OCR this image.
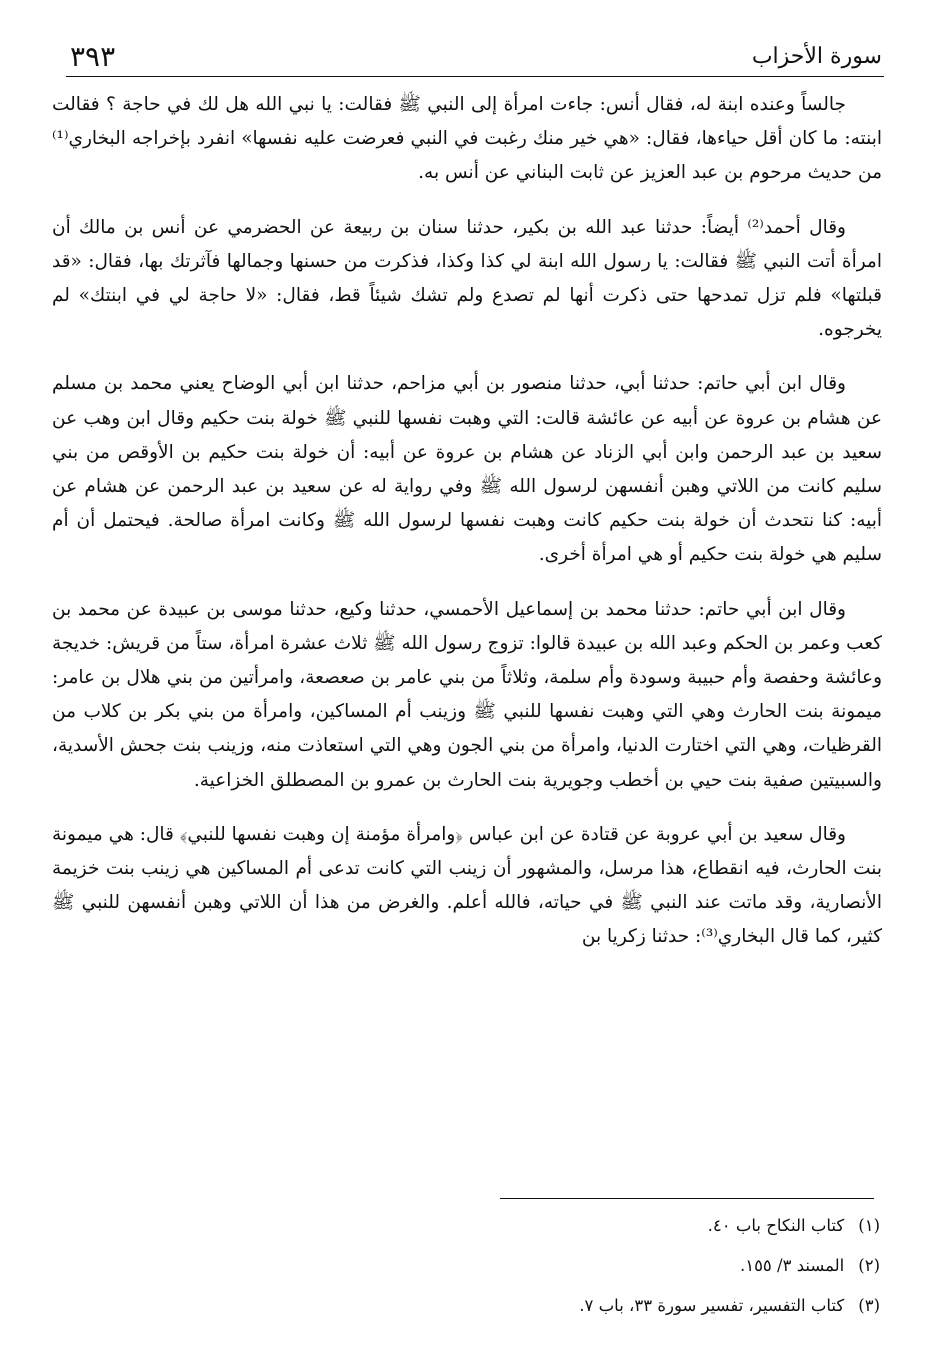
سورة الأحزاب
٣٩٣

جالساً وعنده ابنة له، فقال أنس: جاءت امرأة إلى النبي ﷺ فقالت: يا نبي الله هل لك في حاجة ؟ فقالت ابنته: ما كان أقل حياءها، فقال: «هي خير منك رغبت في النبي فعرضت عليه نفسها» انفرد بإخراجه البخاري⁽¹⁾ من حديث مرحوم بن عبد العزيز عن ثابت البناني عن أنس به.

وقال أحمد⁽²⁾ أيضاً: حدثنا عبد الله بن بكير، حدثنا سنان بن ربيعة عن الحضرمي عن أنس بن مالك أن امرأة أتت النبي ﷺ فقالت: يا رسول الله ابنة لي كذا وكذا، فذكرت من حسنها وجمالها فآثرتك بها، فقال: «قد قبلتها» فلم تزل تمدحها حتى ذكرت أنها لم تصدع ولم تشك شيئاً قط، فقال: «لا حاجة لي في ابنتك» لم يخرجوه.

وقال ابن أبي حاتم: حدثنا أبي، حدثنا منصور بن أبي مزاحم، حدثنا ابن أبي الوضاح يعني محمد بن مسلم عن هشام بن عروة عن أبيه عن عائشة قالت: التي وهبت نفسها للنبي ﷺ خولة بنت حكيم وقال ابن وهب عن سعيد بن عبد الرحمن وابن أبي الزناد عن هشام بن عروة عن أبيه: أن خولة بنت حكيم بن الأوقص من بني سليم كانت من اللاتي وهبن أنفسهن لرسول الله ﷺ وفي رواية له عن سعيد بن عبد الرحمن عن هشام عن أبيه: كنا نتحدث أن خولة بنت حكيم كانت وهبت نفسها لرسول الله ﷺ وكانت امرأة صالحة. فيحتمل أن أم سليم هي خولة بنت حكيم أو هي امرأة أخرى.

وقال ابن أبي حاتم: حدثنا محمد بن إسماعيل الأحمسي، حدثنا وكيع، حدثنا موسى بن عبيدة عن محمد بن كعب وعمر بن الحكم وعبد الله بن عبيدة قالوا: تزوج رسول الله ﷺ ثلاث عشرة امرأة، ستاً من قريش: خديجة وعائشة وحفصة وأم حبيبة وسودة وأم سلمة، وثلاثاً من بني عامر بن صعصعة، وامرأتين من بني هلال بن عامر: ميمونة بنت الحارث وهي التي وهبت نفسها للنبي ﷺ وزينب أم المساكين، وامرأة من بني بكر بن كلاب من القرظيات، وهي التي اختارت الدنيا، وامرأة من بني الجون وهي التي استعاذت منه، وزينب بنت جحش الأسدية، والسبيتين صفية بنت حيي بن أخطب وجويرية بنت الحارث بن عمرو بن المصطلق الخزاعية.

وقال سعيد بن أبي عروبة عن قتادة عن ابن عباس ﴿وامرأة مؤمنة إن وهبت نفسها للنبي﴾ قال: هي ميمونة بنت الحارث، فيه انقطاع، هذا مرسل، والمشهور أن زينب التي كانت تدعى أم المساكين هي زينب بنت خزيمة الأنصارية، وقد ماتت عند النبي ﷺ في حياته، فالله أعلم. والغرض من هذا أن اللاتي وهبن أنفسهن للنبي ﷺ كثير، كما قال البخاري⁽³⁾: حدثنا زكريا بن

(١)كتاب النكاح باب ٤٠.
(٢)المسند ٣/ ١٥٥.
(٣)كتاب التفسير، تفسير سورة ٣٣، باب ٧.
